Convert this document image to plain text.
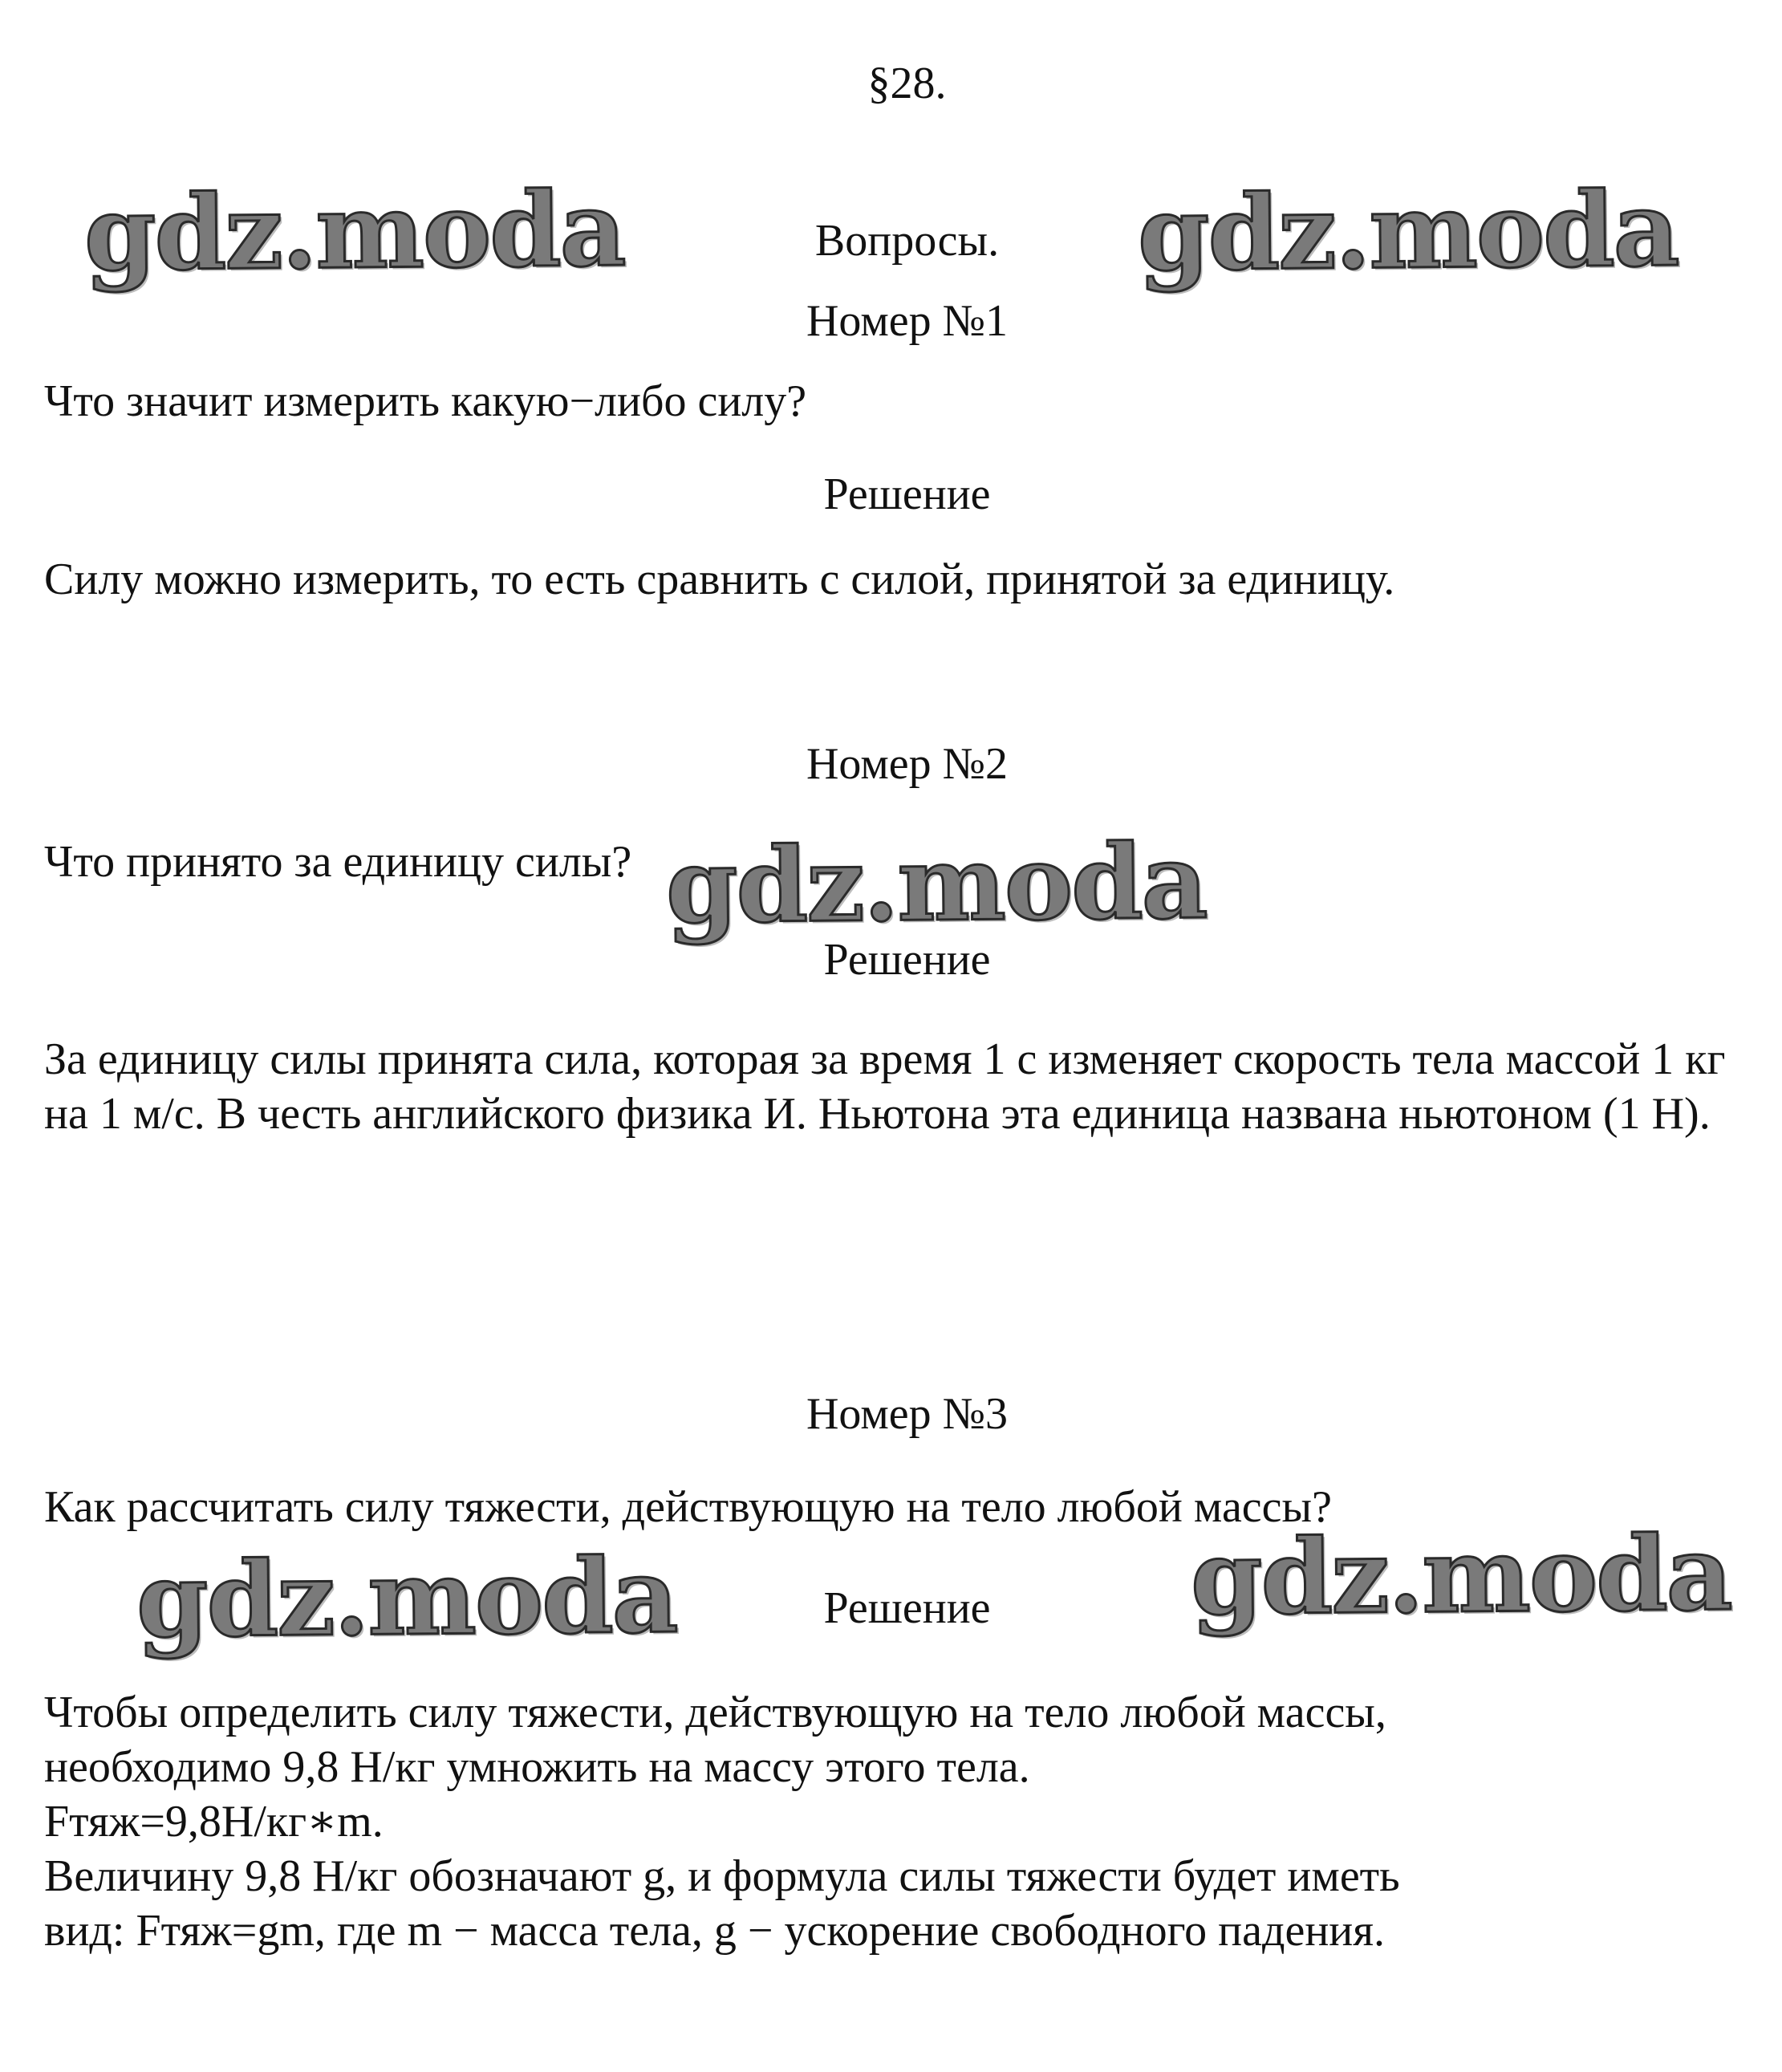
§28.
Вопросы.
Номер №1
Что значит измерить какую−либо силу?
Решение
Силу можно измерить, то есть сравнить с силой, принятой за единицу.
Номер №2
Что принято за единицу силы?
Решение
За единицу силы принята сила, которая за время 1 с изменяет скорость тела массой 1 кг на 1 м/с. В честь английского физика И. Ньютона эта единица названа ньютоном (1 Н).
Номер №3
Как рассчитать силу тяжести, действующую на тело любой массы?
Решение
Чтобы определить силу тяжести, действующую на тело любой массы,
необходимо 9,8 Н/кг умножить на массу этого тела.
Fтяж=9,8Н/кг∗m.
Величину 9,8 Н/кг обозначают g, и формула силы тяжести будет иметь
вид: Fтяж=gm, где m − масса тела, g − ускорение свободного падения.
gdz.moda	gdz.moda
gdz.moda
gdz.moda	gdz.moda
